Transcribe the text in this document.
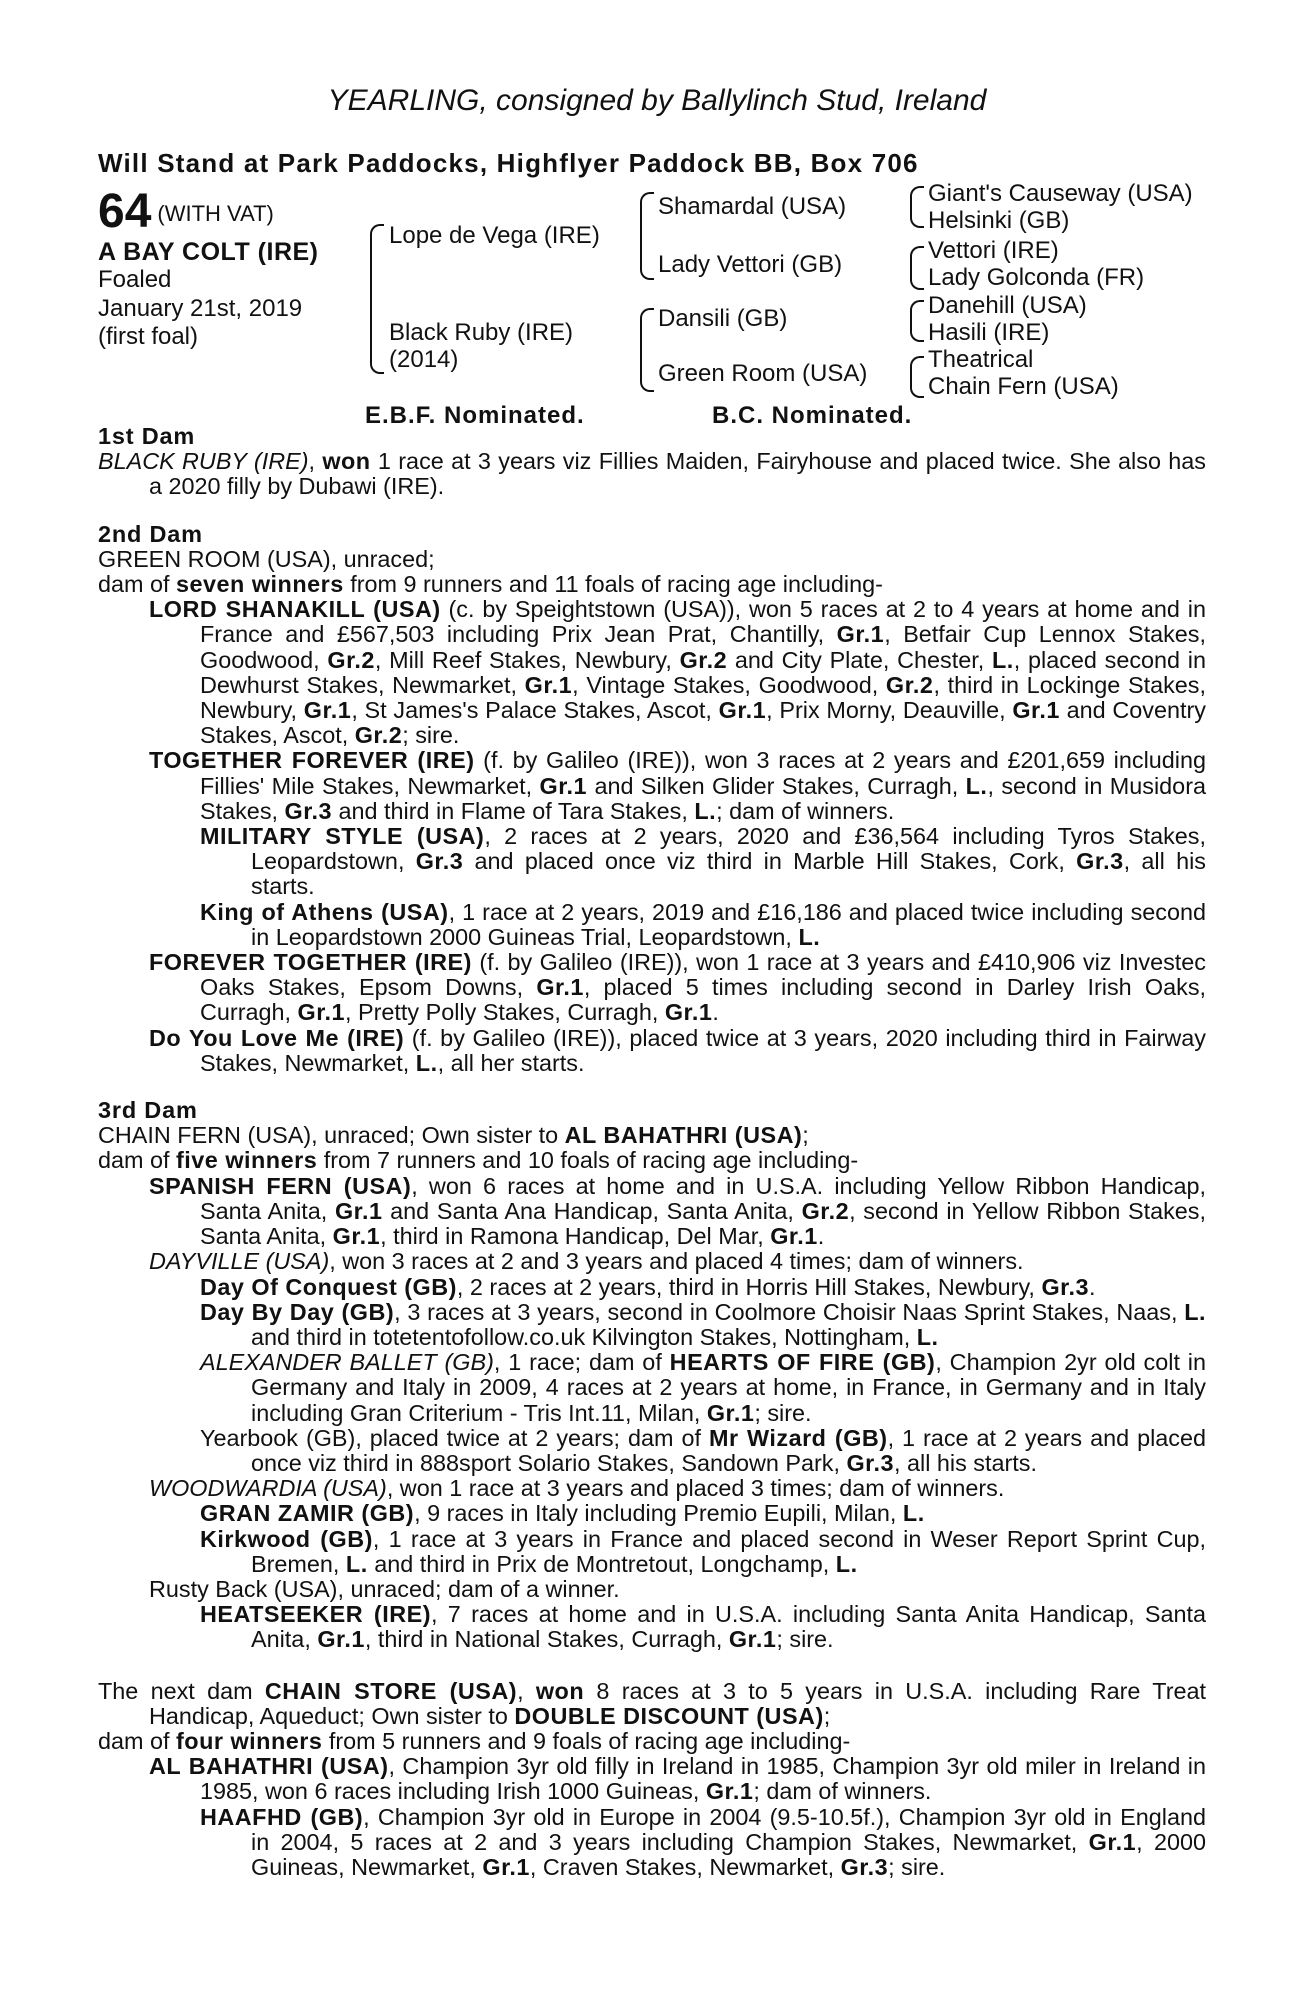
YEARLING, consigned by Ballylinch Stud, Ireland
Will Stand at Park Paddocks, Highflyer Paddock BB, Box 706
64 (WITH VAT)
A BAY COLT (IRE)
Foaled
January 21st, 2019
(first foal)
Lope de Vega (IRE)
Black Ruby (IRE)
(2014)
Shamardal (USA)
Lady Vettori (GB)
Dansili (GB)
Green Room (USA)
Giant's Causeway (USA)
Helsinki (GB)
Vettori (IRE)
Lady Golconda (FR)
Danehill (USA)
Hasili (IRE)
Theatrical
Chain Fern (USA)
E.B.F. Nominated.	B.C. Nominated.
1st Dam

BLACK RUBY (IRE), won 1 race at 3 years viz Fillies Maiden, Fairyhouse and placed twice. She also has a 2020 filly by Dubawi (IRE).

2nd Dam

GREEN ROOM (USA), unraced;

dam of seven winners from 9 runners and 11 foals of racing age including-

LORD SHANAKILL (USA) (c. by Speightstown (USA)), won 5 races at 2 to 4 years at home and in France and £567,503 including Prix Jean Prat, Chantilly, Gr.1, Betfair Cup Lennox Stakes, Goodwood, Gr.2, Mill Reef Stakes, Newbury, Gr.2 and City Plate, Chester, L., placed second in Dewhurst Stakes, Newmarket, Gr.1, Vintage Stakes, Goodwood, Gr.2, third in Lockinge Stakes, Newbury, Gr.1, St James's Palace Stakes, Ascot, Gr.1, Prix Morny, Deauville, Gr.1 and Coventry Stakes, Ascot, Gr.2; sire.

TOGETHER FOREVER (IRE) (f. by Galileo (IRE)), won 3 races at 2 years and £201,659 including Fillies' Mile Stakes, Newmarket, Gr.1 and Silken Glider Stakes, Curragh, L., second in Musidora Stakes, Gr.3 and third in Flame of Tara Stakes, L.; dam of winners.

MILITARY STYLE (USA), 2 races at 2 years, 2020 and £36,564 including Tyros Stakes, Leopardstown, Gr.3 and placed once viz third in Marble Hill Stakes, Cork, Gr.3, all his starts.

King of Athens (USA), 1 race at 2 years, 2019 and £16,186 and placed twice including second in Leopardstown 2000 Guineas Trial, Leopardstown, L.

FOREVER TOGETHER (IRE) (f. by Galileo (IRE)), won 1 race at 3 years and £410,906 viz Investec Oaks Stakes, Epsom Downs, Gr.1, placed 5 times including second in Darley Irish Oaks, Curragh, Gr.1, Pretty Polly Stakes, Curragh, Gr.1.

Do You Love Me (IRE) (f. by Galileo (IRE)), placed twice at 3 years, 2020 including third in Fairway Stakes, Newmarket, L., all her starts.

3rd Dam

CHAIN FERN (USA), unraced; Own sister to AL BAHATHRI (USA);

dam of five winners from 7 runners and 10 foals of racing age including-

SPANISH FERN (USA), won 6 races at home and in U.S.A. including Yellow Ribbon Handicap, Santa Anita, Gr.1 and Santa Ana Handicap, Santa Anita, Gr.2, second in Yellow Ribbon Stakes, Santa Anita, Gr.1, third in Ramona Handicap, Del Mar, Gr.1.

DAYVILLE (USA), won 3 races at 2 and 3 years and placed 4 times; dam of winners.

Day Of Conquest (GB), 2 races at 2 years, third in Horris Hill Stakes, Newbury, Gr.3.

Day By Day (GB), 3 races at 3 years, second in Coolmore Choisir Naas Sprint Stakes, Naas, L. and third in totetentofollow.co.uk Kilvington Stakes, Nottingham, L.

ALEXANDER BALLET (GB), 1 race; dam of HEARTS OF FIRE (GB), Champion 2yr old colt in Germany and Italy in 2009, 4 races at 2 years at home, in France, in Germany and in Italy including Gran Criterium - Tris Int.11, Milan, Gr.1; sire.

Yearbook (GB), placed twice at 2 years; dam of Mr Wizard (GB), 1 race at 2 years and placed once viz third in 888sport Solario Stakes, Sandown Park, Gr.3, all his starts.

WOODWARDIA (USA), won 1 race at 3 years and placed 3 times; dam of winners.

GRAN ZAMIR (GB), 9 races in Italy including Premio Eupili, Milan, L.

Kirkwood (GB), 1 race at 3 years in France and placed second in Weser Report Sprint Cup, Bremen, L. and third in Prix de Montretout, Longchamp, L.

Rusty Back (USA), unraced; dam of a winner.

HEATSEEKER (IRE), 7 races at home and in U.S.A. including Santa Anita Handicap, Santa Anita, Gr.1, third in National Stakes, Curragh, Gr.1; sire.

The next dam CHAIN STORE (USA), won 8 races at 3 to 5 years in U.S.A. including Rare Treat Handicap, Aqueduct; Own sister to DOUBLE DISCOUNT (USA);

dam of four winners from 5 runners and 9 foals of racing age including-

AL BAHATHRI (USA), Champion 3yr old filly in Ireland in 1985, Champion 3yr old miler in Ireland in 1985, won 6 races including Irish 1000 Guineas, Gr.1; dam of winners.

HAAFHD (GB), Champion 3yr old in Europe in 2004 (9.5-10.5f.), Champion 3yr old in England in 2004, 5 races at 2 and 3 years including Champion Stakes, Newmarket, Gr.1, 2000 Guineas, Newmarket, Gr.1, Craven Stakes, Newmarket, Gr.3; sire.
